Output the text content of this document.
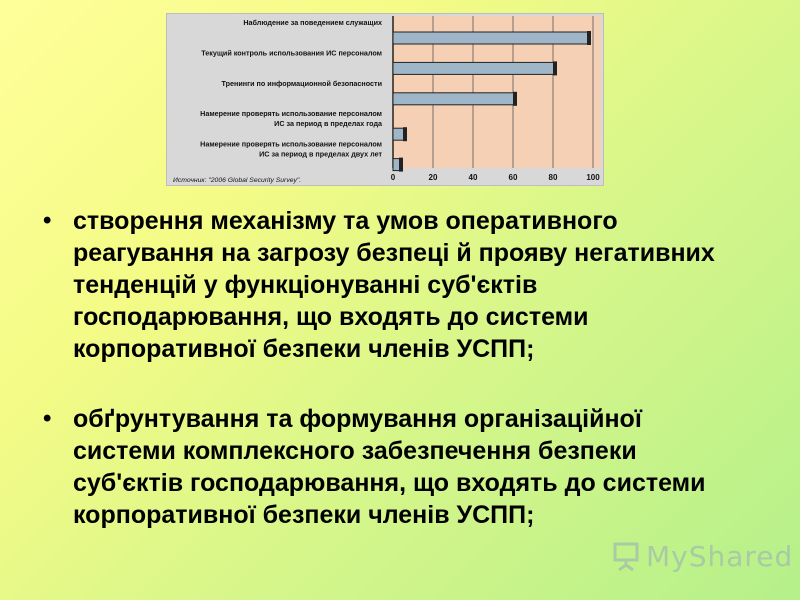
Наблюдение за поведением служащих
Текущий контроль использования ИС персоналом
Тренинги по информационной безопасности
Намерение проверять использование персоналом
ИС за период в пределах года
Намерение проверять использование персоналом
ИС за период в пределах двух лет
0	20	40	60	80	100
Источник: "2006 Global Security Survey".
• створення механізму та умов оперативного реагування на загрозу безпеці й прояву негативних тенденцій у функціонуванні суб'єктів господарювання, що входять до системи корпоративної безпеки членів УСПП;
• обґрунтування та формування організаційної системи комплексного забезпечення безпеки суб'єктів господарювання, що входять до системи корпоративної безпеки членів УСПП;
MyShared
